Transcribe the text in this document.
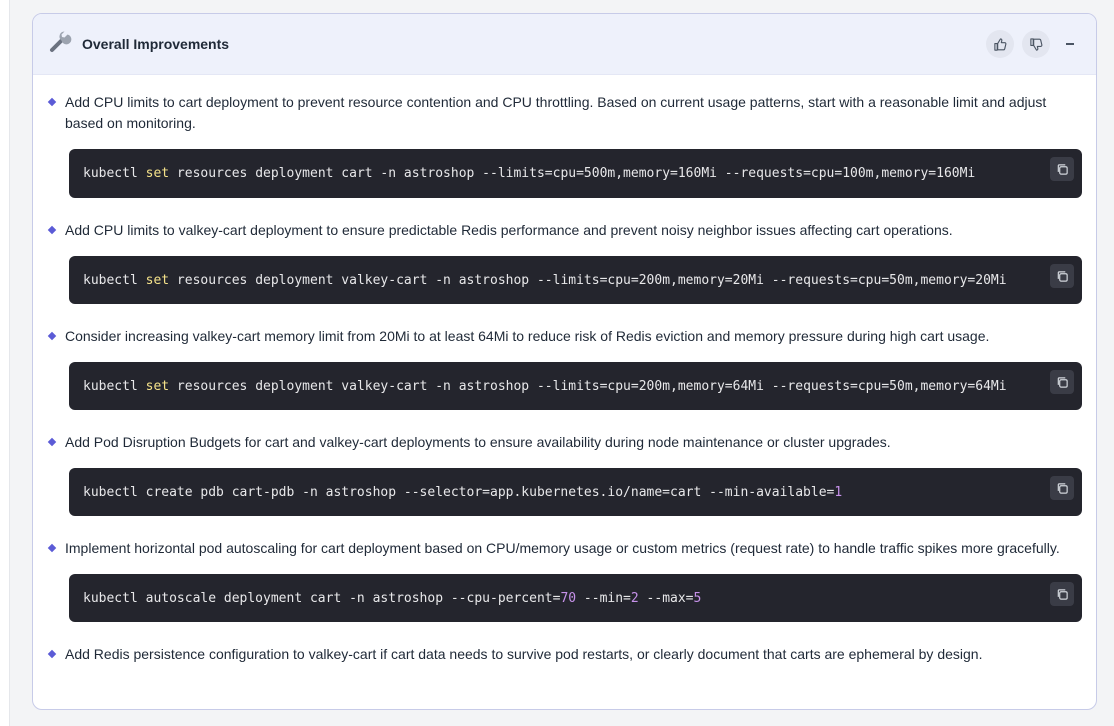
Overall Improvements
Add CPU limits to cart deployment to prevent resource contention and CPU throttling. Based on current usage patterns, start with a reasonable limit and adjust based on monitoring.
kubectl set resources deployment cart -n astroshop --limits=cpu=500m,memory=160Mi --requests=cpu=100m,memory=160Mi
Add CPU limits to valkey-cart deployment to ensure predictable Redis performance and prevent noisy neighbor issues affecting cart operations.
kubectl set resources deployment valkey-cart -n astroshop --limits=cpu=200m,memory=20Mi --requests=cpu=50m,memory=20Mi
Consider increasing valkey-cart memory limit from 20Mi to at least 64Mi to reduce risk of Redis eviction and memory pressure during high cart usage.
kubectl set resources deployment valkey-cart -n astroshop --limits=cpu=200m,memory=64Mi --requests=cpu=50m,memory=64Mi
Add Pod Disruption Budgets for cart and valkey-cart deployments to ensure availability during node maintenance or cluster upgrades.
kubectl create pdb cart-pdb -n astroshop --selector=app.kubernetes.io/name=cart --min-available=1
Implement horizontal pod autoscaling for cart deployment based on CPU/memory usage or custom metrics (request rate) to handle traffic spikes more gracefully.
kubectl autoscale deployment cart -n astroshop --cpu-percent=70 --min=2 --max=5
Add Redis persistence configuration to valkey-cart if cart data needs to survive pod restarts, or clearly document that carts are ephemeral by design.
